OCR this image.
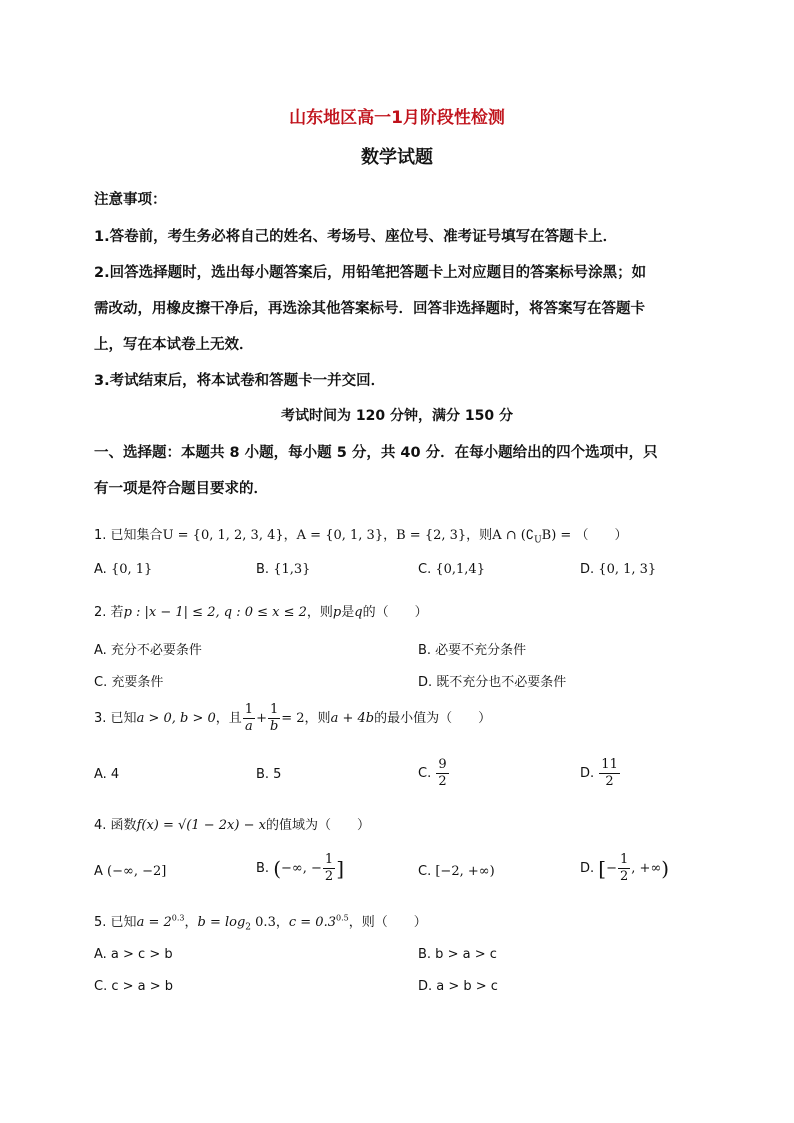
山东地区高一1月阶段性检测
数学试题
注意事项：
1.答卷前，考生务必将自己的姓名、考场号、座位号、准考证号填写在答题卡上．
2.回答选择题时，选出每小题答案后，用铅笔把答题卡上对应题目的答案标号涂黑；如
需改动，用橡皮擦干净后，再选涂其他答案标号．回答非选择题时，将答案写在答题卡
上，写在本试卷上无效．
3.考试结束后，将本试卷和答题卡一并交回．
考试时间为 120 分钟，满分 150 分
一、选择题：本题共 8 小题，每小题 5 分，共 40 分．在每小题给出的四个选项中，只
有一项是符合题目要求的．
1. 已知集合U = {0, 1, 2, 3, 4}，A = {0, 1, 3}，B = {2, 3}，则A ∩ $(∁_UB)$ = （　　）
A. {0, 1}	B. {1,3}	C. {0,1,4}	D. {0, 1, 3}
2. 若p : |x − 1| ≤ 2, q : 0 ≤ x ≤ 2，则p是q的（　　）
A. 充分不必要条件	B. 必要不充分条件
C. 充要条件	D. 既不充分也不必要条件
3. 已知a > 0, b > 0，且 $\frac{1}{a} + \frac{1}{b} = 2$，则a + 4b的最小值为（　　）
A. 4	B. 5	C. $\frac{9}{2}$	D. $\frac{11}{2}$
4. 函数f(x) = √(1 − 2x) − x的值域为（　　）
A (−∞, −2]	B. (−∞, − $\frac{1}{2}$ ]	C. [−2, +∞)	D. [− $\frac{1}{2}$ , +∞)
5. 已知$a = 2^{0.3}$，$b = \log_2 0.3$，$c = 0.3^{0.5}$，则（　　）
A. a > c > b	B. b > a > c
C. c > a > b	D. a > b > c
